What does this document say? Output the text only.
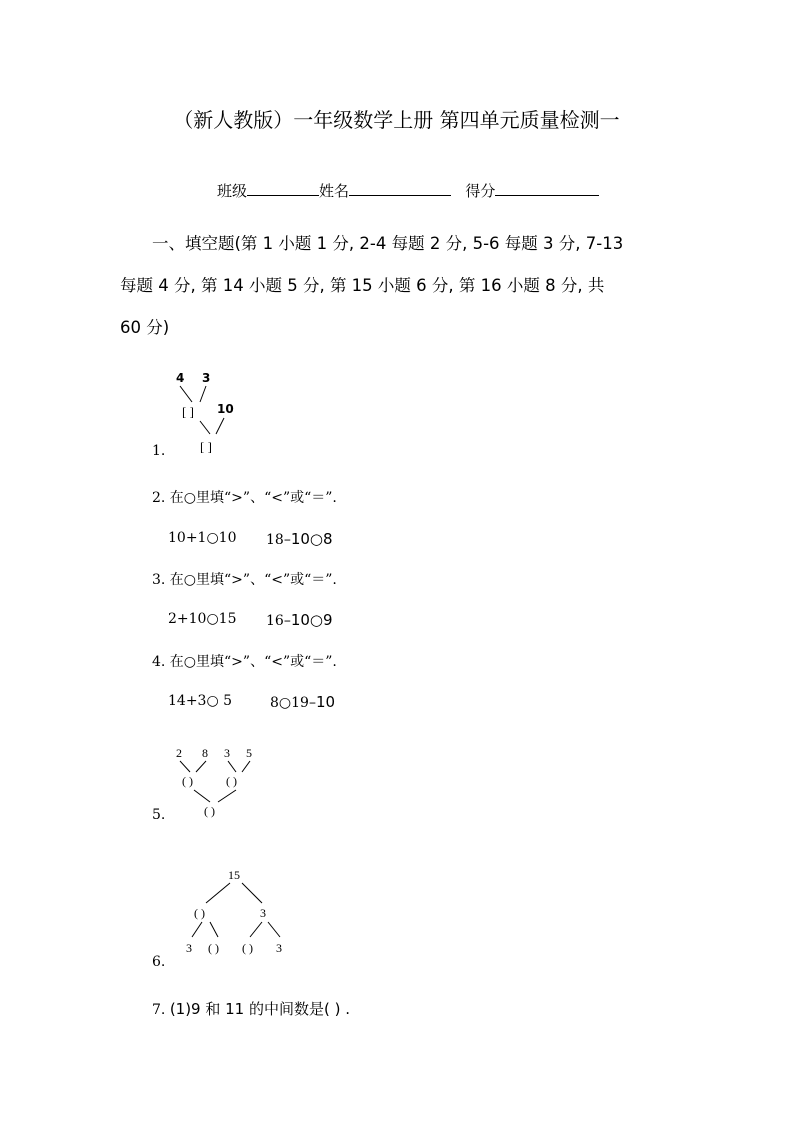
（新人教版）一年级数学上册 第四单元质量检测一
班级	姓名	得分
一、填空题(第 1 小题 1 分, 2-4 每题 2 分, 5-6 每题 3 分, 7-13
每题 4 分, 第 14 小题 5 分, 第 15 小题 6 分, 第 16 小题 8 分, 共
60 分)
1.
4 3
[ ] 10
[ ]
2. 在○里填“>”、“<”或“＝”.
10+1○10 18–10○8
3. 在○里填“>”、“<”或“＝”.
2+10○15 16–10○9
4. 在○里填“>”、“<”或“＝”.
14+3○ 5	8○19–10
5.
2 8 3 5
( )	( )
( )
6.
15
( )	3
3 ( ) ( ) 3
7. (1)9 和 11 的中间数是( ) .
